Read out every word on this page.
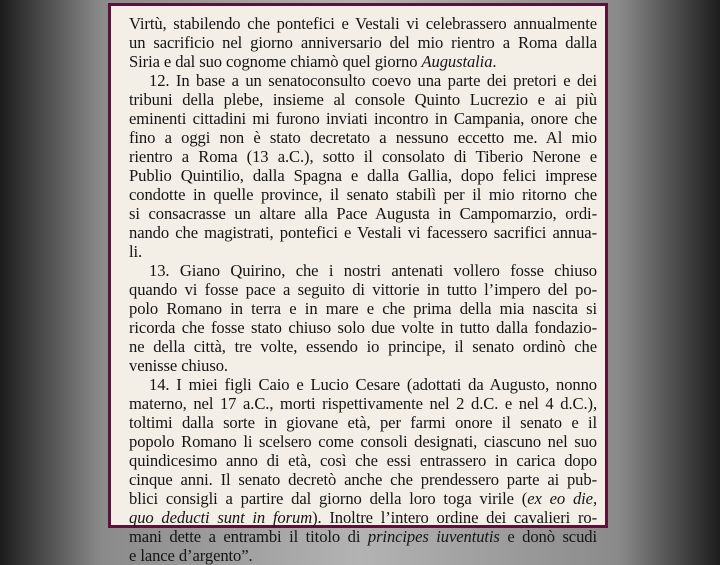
Virtù, stabilendo che pontefici e Vestali vi celebrassero annualmente
un sacrificio nel giorno anniversario del mio rientro a Roma dalla
Siria e dal suo cognome chiamò quel giorno Augustalia.
12. In base a un senatoconsulto coevo una parte dei pretori e dei
tribuni della plebe, insieme al console Quinto Lucrezio e ai più
eminenti cittadini mi furono inviati incontro in Campania, onore che
fino a oggi non è stato decretato a nessuno eccetto me. Al mio
rientro a Roma (13 a.C.), sotto il consolato di Tiberio Nerone e
Publio Quintilio, dalla Spagna e dalla Gallia, dopo felici imprese
condotte in quelle province, il senato stabilì per il mio ritorno che
si consacrasse un altare alla Pace Augusta in Campomarzio, ordi-
nando che magistrati, pontefici e Vestali vi facessero sacrifici annua-
li.
13. Giano Quirino, che i nostri antenati vollero fosse chiuso
quando vi fosse pace a seguito di vittorie in tutto l’impero del po-
polo Romano in terra e in mare e che prima della mia nascita si
ricorda che fosse stato chiuso solo due volte in tutto dalla fondazio-
ne della città, tre volte, essendo io principe, il senato ordinò che
venisse chiuso.
14. I miei figli Caio e Lucio Cesare (adottati da Augusto, nonno
materno, nel 17 a.C., morti rispettivamente nel 2 d.C. e nel 4 d.C.),
toltimi dalla sorte in giovane età, per farmi onore il senato e il
popolo Romano li scelsero come consoli designati, ciascuno nel suo
quindicesimo anno di età, così che essi entrassero in carica dopo
cinque anni. Il senato decretò anche che prendessero parte ai pub-
blici consigli a partire dal giorno della loro toga virile (ex eo die,
quo deducti sunt in forum). Inoltre l’intero ordine dei cavalieri ro-
mani dette a entrambi il titolo di principes iuventutis e donò scudi
e lance d’argento”.
